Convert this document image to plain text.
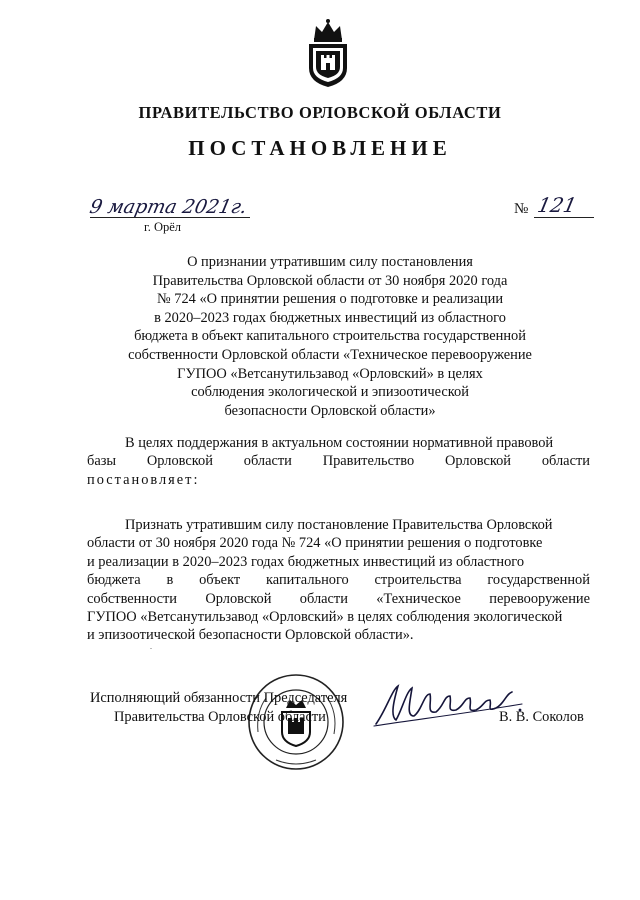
ПРАВИТЕЛЬСТВО ОРЛОВСКОЙ ОБЛАСТИ
ПОСТАНОВЛЕНИЕ
9 марта 2021г.
г. Орёл
№ 121
О признании утратившим силу постановления
Правительства Орловской области от 30 ноября 2020 года
№ 724 «О принятии решения о подготовке и реализации
в 2020–2023 годах бюджетных инвестиций из областного
бюджета в объект капитального строительства государственной
собственности Орловской области «Техническое перевооружение
ГУПОО «Ветсанутильзавод «Орловский» в целях
соблюдения экологической и эпизоотической
безопасности Орловской области»
В целях поддержания в актуальном состоянии нормативной правовой
базы Орловской области Правительство Орловской области
постановляет:
Признать утратившим силу постановление Правительства Орловской
области от 30 ноября 2020 года № 724 «О принятии решения о подготовке
и реализации в 2020–2023 годах бюджетных инвестиций из областного
бюджета в объект капитального строительства государственной
собственности Орловской области «Техническое перевооружение
ГУПОО «Ветсанутильзавод «Орловский» в целях соблюдения экологической
и эпизоотической безопасности Орловской области».
Исполняющий обязанности Председателя
Правительства Орловской области	В. В. Соколов
